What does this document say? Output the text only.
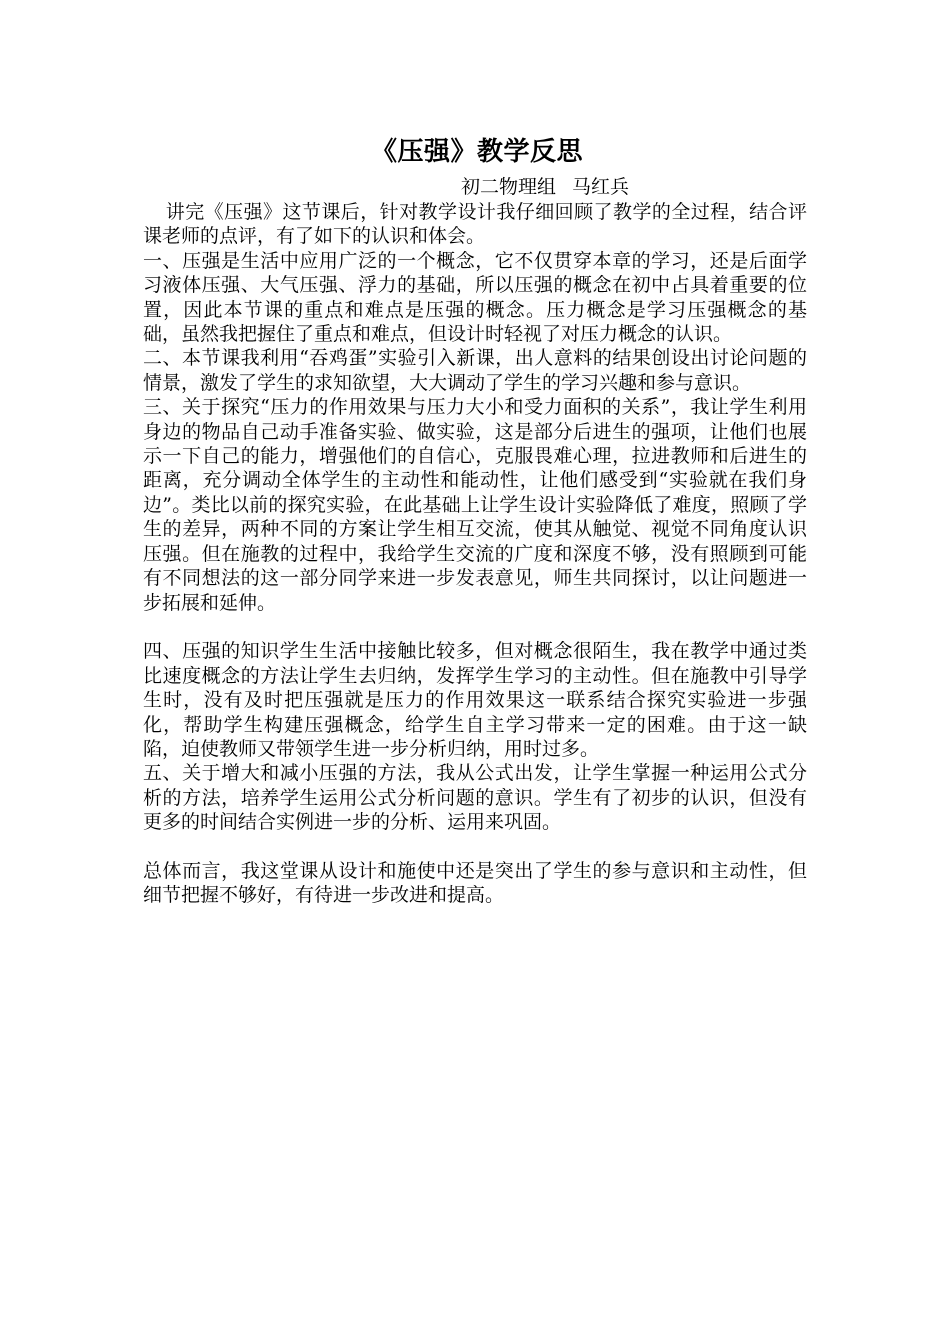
《压强》教学反思
初二物理组 马红兵

讲完《压强》这节课后，针对教学设计我仔细回顾了教学的全过程，结合评课老师的点评，有了如下的认识和体会。

一、压强是生活中应用广泛的一个概念，它不仅贯穿本章的学习，还是后面学习液体压强、大气压强、浮力的基础，所以压强的概念在初中占具着重要的位置，因此本节课的重点和难点是压强的概念。压力概念是学习压强概念的基础，虽然我把握住了重点和难点，但设计时轻视了对压力概念的认识。

二、本节课我利用“吞鸡蛋”实验引入新课，出人意料的结果创设出讨论问题的情景，激发了学生的求知欲望，大大调动了学生的学习兴趣和参与意识。

三、关于探究“压力的作用效果与压力大小和受力面积的关系”，我让学生利用身边的物品自己动手准备实验、做实验，这是部分后进生的强项，让他们也展示一下自己的能力，增强他们的自信心，克服畏难心理，拉进教师和后进生的距离，充分调动全体学生的主动性和能动性，让他们感受到“实验就在我们身边”。类比以前的探究实验，在此基础上让学生设计实验降低了难度，照顾了学生的差异，两种不同的方案让学生相互交流，使其从触觉、视觉不同角度认识压强。但在施教的过程中，我给学生交流的广度和深度不够，没有照顾到可能有不同想法的这一部分同学来进一步发表意见，师生共同探讨，以让问题进一步拓展和延伸。

四、压强的知识学生生活中接触比较多，但对概念很陌生，我在教学中通过类比速度概念的方法让学生去归纳，发挥学生学习的主动性。但在施教中引导学生时，没有及时把压强就是压力的作用效果这一联系结合探究实验进一步强化，帮助学生构建压强概念，给学生自主学习带来一定的困难。由于这一缺陷，迫使教师又带领学生进一步分析归纳，用时过多。

五、关于增大和减小压强的方法，我从公式出发，让学生掌握一种运用公式分析的方法，培养学生运用公式分析问题的意识。学生有了初步的认识，但没有更多的时间结合实例进一步的分析、运用来巩固。

总体而言，我这堂课从设计和施使中还是突出了学生的参与意识和主动性，但细节把握不够好，有待进一步改进和提高。
